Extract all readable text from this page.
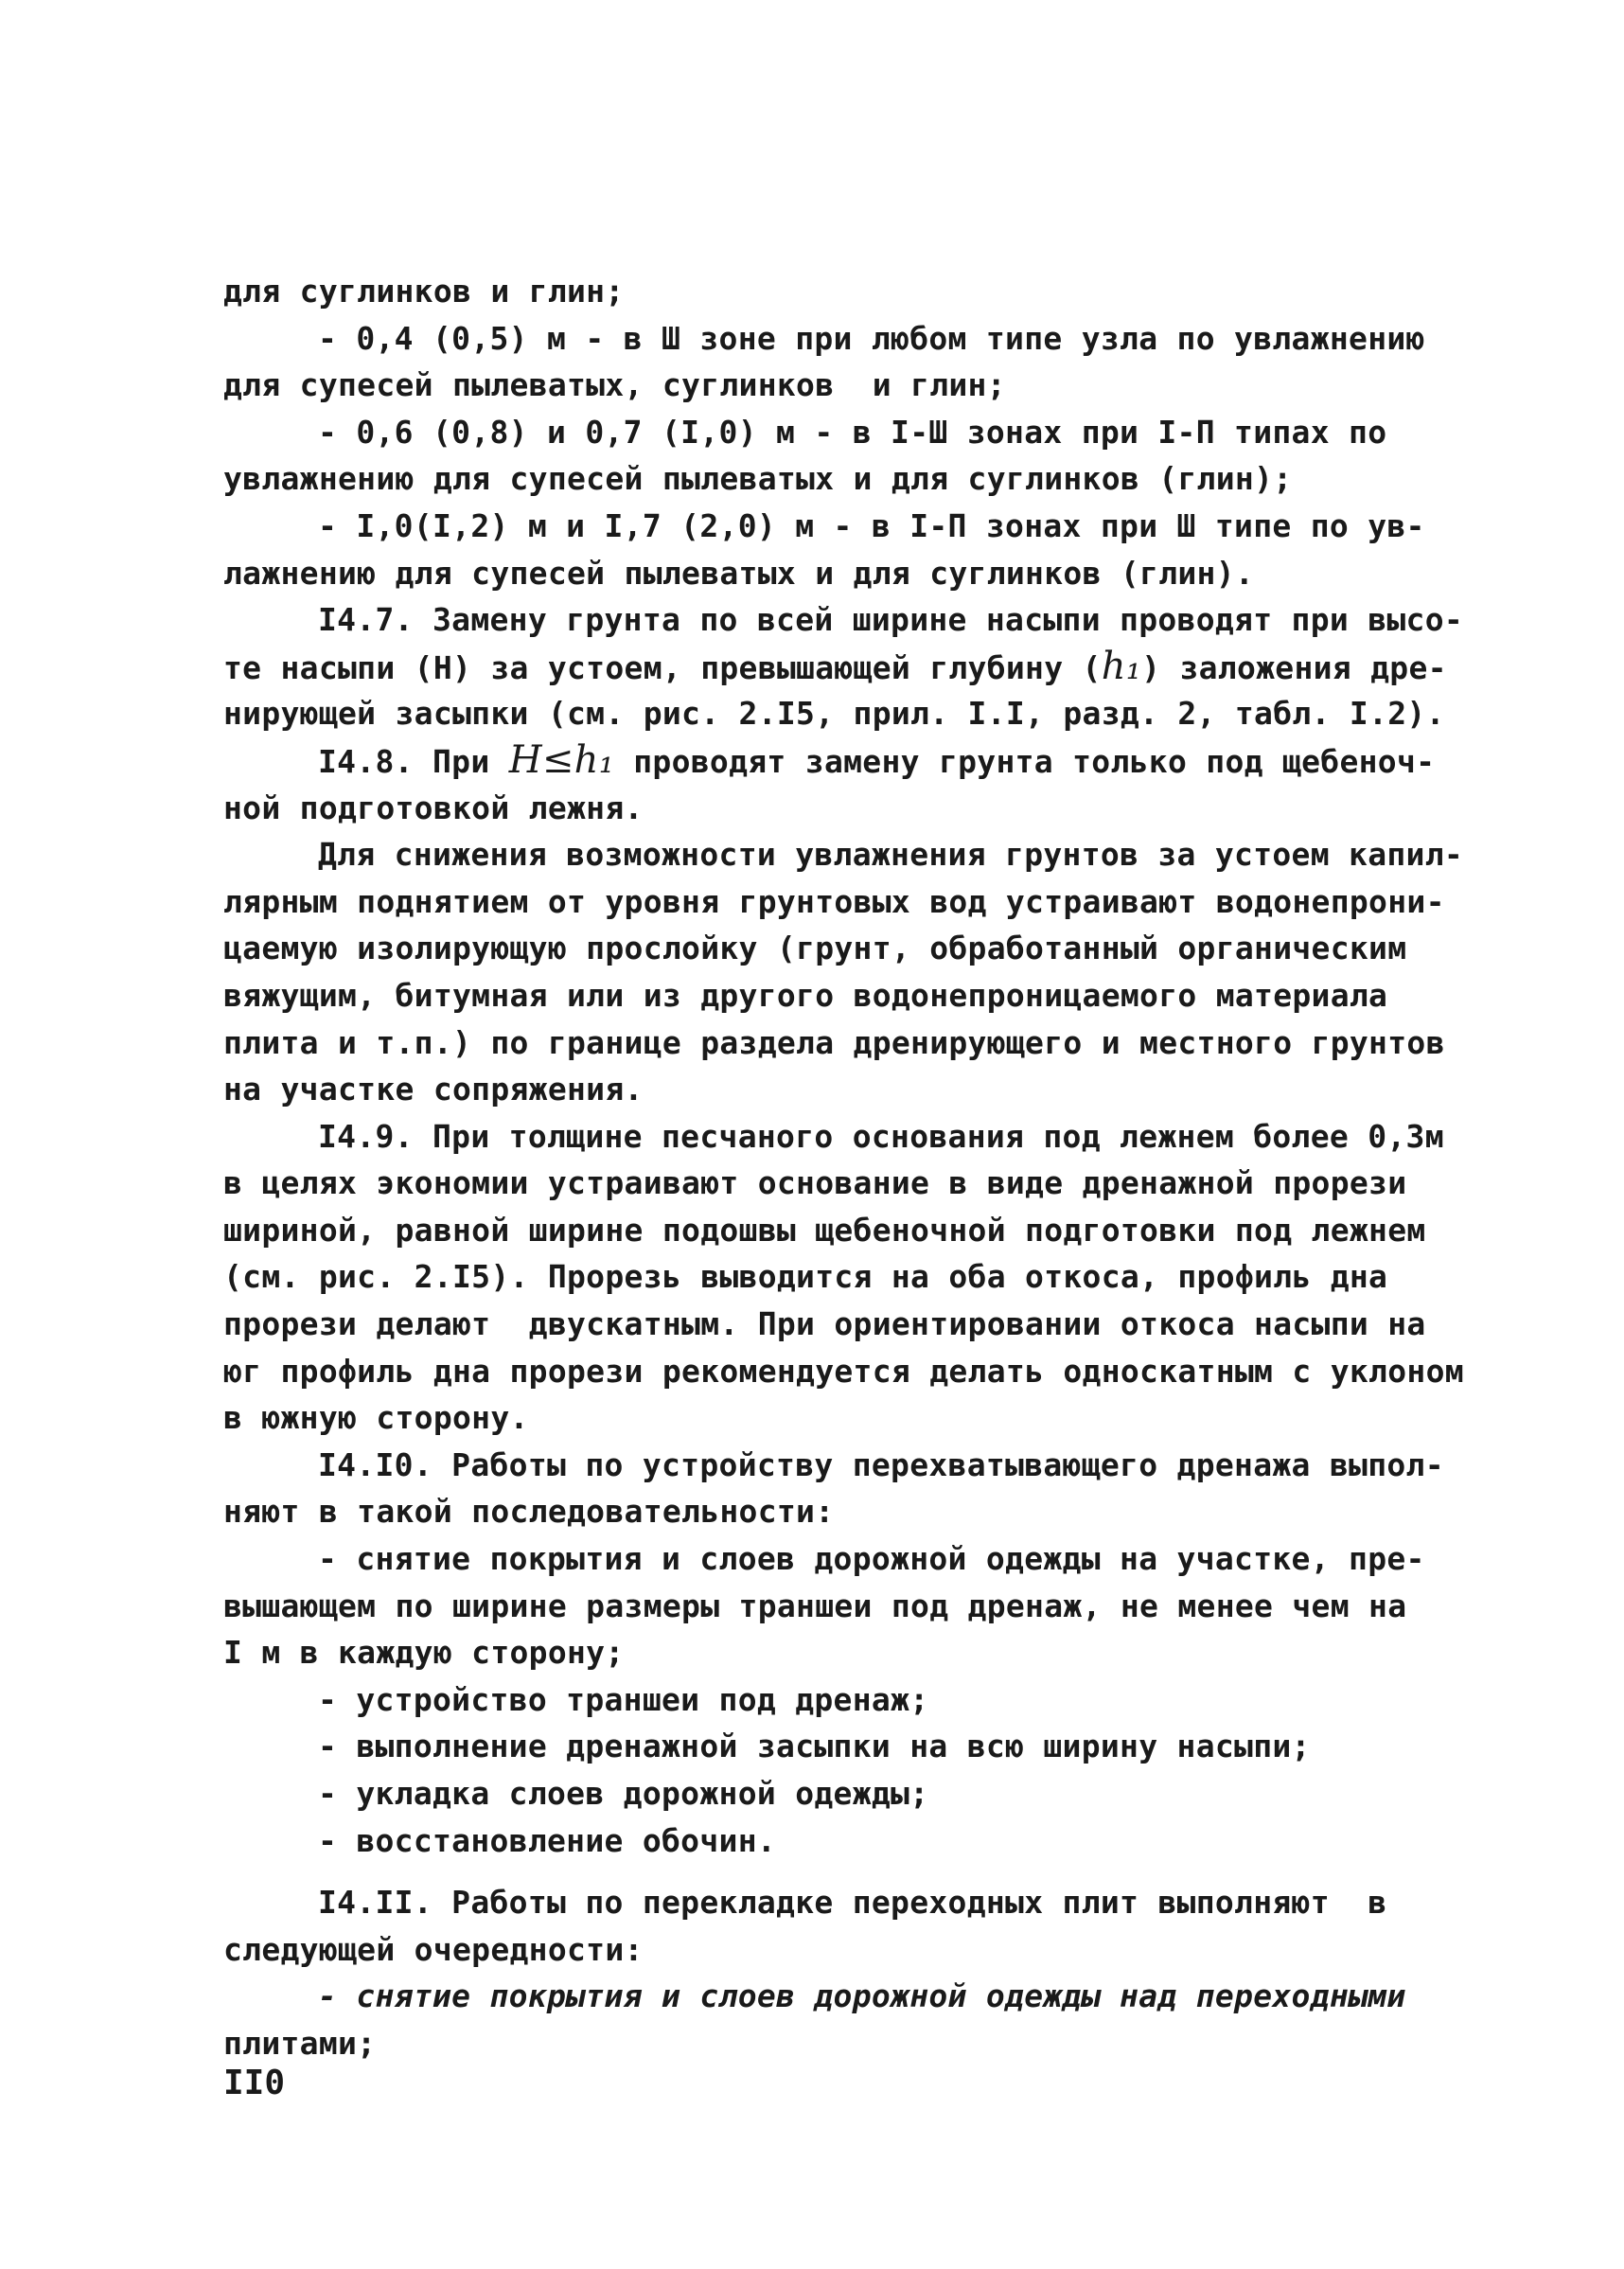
для суглинков и глин;
- 0,4 (0,5) м - в Ш зоне при любом типе узла по увлажнению
для супесей пылеватых, суглинков  и глин;
- 0,6 (0,8) и 0,7 (I,0) м - в I-Ш зонах при I-П типах по
увлажнению для супесей пылеватых и для суглинков (глин);
- I,0(I,2) м и I,7 (2,0) м - в I-П зонах при Ш типе по ув-
лажнению для супесей пылеватых и для суглинков (глин).
I4.7. Замену грунта по всей ширине насыпи проводят при высо-
те насыпи (Н) за устоем, превышающей глубину (h₁) заложения дре-
нирующей засыпки (см. рис. 2.I5, прил. I.I, разд. 2, табл. I.2).
I4.8. При H≤h₁ проводят замену грунта только под щебеноч-
ной подготовкой лежня.
Для снижения возможности увлажнения грунтов за устоем капил-
лярным поднятием от уровня грунтовых вод устраивают водонепрони-
цаемую изолирующую прослойку (грунт, обработанный органическим
вяжущим, битумная или из другого водонепроницаемого материала
плита и т.п.) по границе раздела дренирующего и местного грунтов
на участке сопряжения.
I4.9. При толщине песчаного основания под лежнем более 0,3м
в целях экономии устраивают основание в виде дренажной прорези
шириной, равной ширине подошвы щебеночной подготовки под лежнем
(см. рис. 2.I5). Прорезь выводится на оба откоса, профиль дна
прорези делают  двускатным. При ориентировании откоса насыпи на
юг профиль дна прорези рекомендуется делать односкатным с уклоном
в южную сторону.
I4.I0. Работы по устройству перехватывающего дренажа выпол-
няют в такой последовательности:
- снятие покрытия и слоев дорожной одежды на участке, пре-
вышающем по ширине размеры траншеи под дренаж, не менее чем на
I м в каждую сторону;
- устройство траншеи под дренаж;
- выполнение дренажной засыпки на всю ширину насыпи;
- укладка слоев дорожной одежды;
- восстановление обочин.
I4.II. Работы по перекладке переходных плит выполняют  в
следующей очередности:
- снятие покрытия и слоев дорожной одежды над переходными
плитами;
II0
